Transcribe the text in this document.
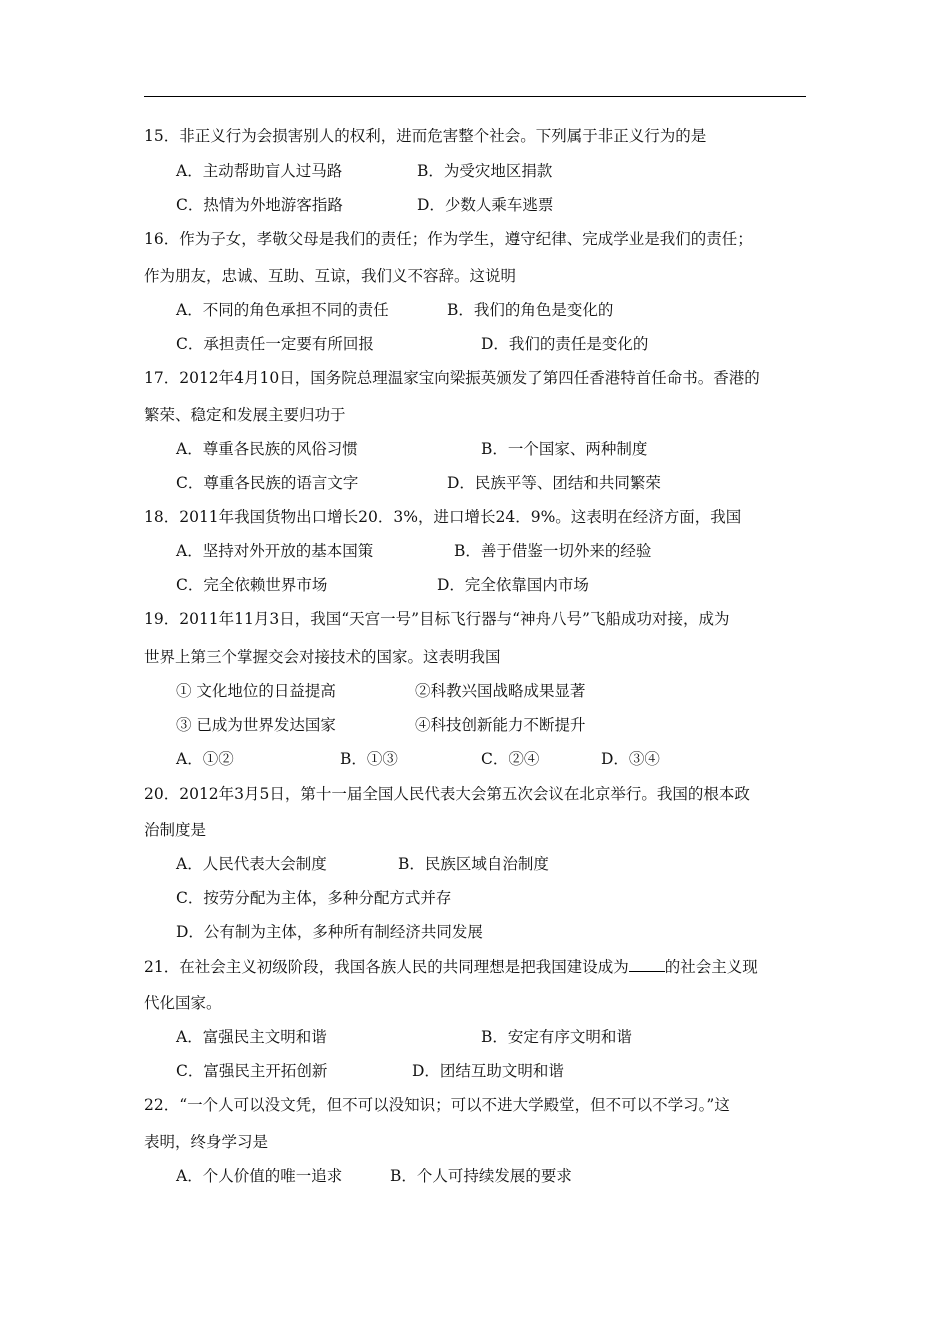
15．非正义行为会损害别人的权利，进而危害整个社会。下列属于非正义行为的是
A．主动帮助盲人过马路	B．为受灾地区捐款
C．热情为外地游客指路	D．少数人乘车逃票
16．作为子女，孝敬父母是我们的责任；作为学生，遵守纪律、完成学业是我们的责任；
作为朋友，忠诚、互助、互谅，我们义不容辞。这说明
A．不同的角色承担不同的责任	B．我们的角色是变化的
C．承担责任一定要有所回报	D．我们的责任是变化的
17．2012年4月10日，国务院总理温家宝向梁振英颁发了第四任香港特首任命书。香港的
繁荣、稳定和发展主要归功于
A．尊重各民族的风俗习惯	B．一个国家、两种制度
C．尊重各民族的语言文字	D．民族平等、团结和共同繁荣
18．2011年我国货物出口增长20．3%，进口增长24．9%。这表明在经济方面，我国
A．坚持对外开放的基本国策	B．善于借鉴一切外来的经验
C．完全依赖世界市场	D．完全依靠国内市场
19．2011年11月3日，我国“天宫一号”目标飞行器与“神舟八号”飞船成功对接，成为
世界上第三个掌握交会对接技术的国家。这表明我国
① 文化地位的日益提高	②科教兴国战略成果显著
③ 已成为世界发达国家	④科技创新能力不断提升
A．①②	B．①③	C．②④	D．③④
20．2012年3月5日，第十一届全国人民代表大会第五次会议在北京举行。我国的根本政
治制度是
A．人民代表大会制度	B．民族区域自治制度
C．按劳分配为主体，多种分配方式并存
D．公有制为主体，多种所有制经济共同发展
21．在社会主义初级阶段，我国各族人民的共同理想是把我国建设成为 的社会主义现
代化国家。
A．富强民主文明和谐	B．安定有序文明和谐
C．富强民主开拓创新	D．团结互助文明和谐
22．“一个人可以没文凭，但不可以没知识；可以不进大学殿堂，但不可以不学习。”这
表明，终身学习是
A．个人价值的唯一追求	B．个人可持续发展的要求
